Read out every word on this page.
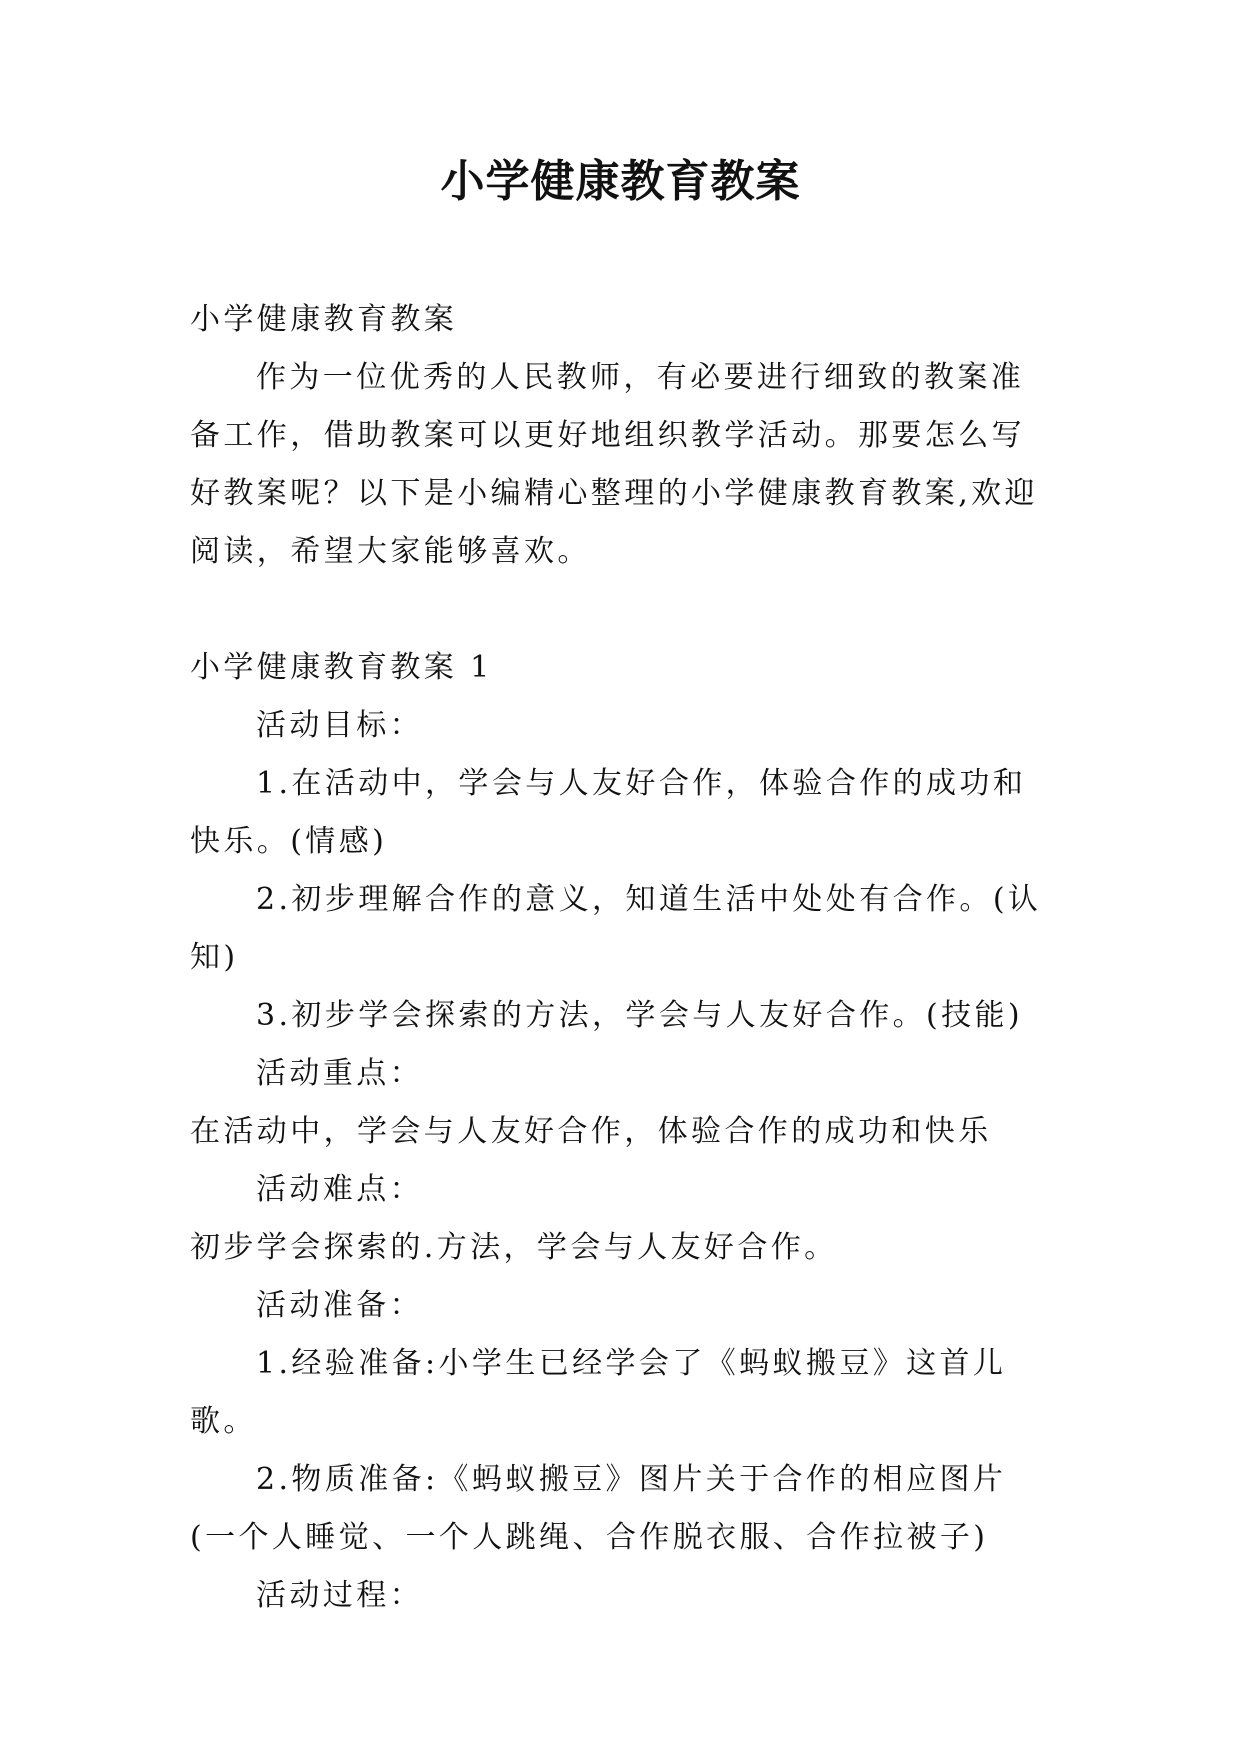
小学健康教育教案

小学健康教育教案

作为一位优秀的人民教师，有必要进行细致的教案准备工作，借助教案可以更好地组织教学活动。那要怎么写好教案呢？以下是小编精心整理的小学健康教育教案,欢迎阅读，希望大家能够喜欢。

小学健康教育教案 1

活动目标：

1.在活动中，学会与人友好合作，体验合作的成功和快乐。(情感)

2.初步理解合作的意义，知道生活中处处有合作。(认知)

3.初步学会探索的方法，学会与人友好合作。(技能)

活动重点：

在活动中，学会与人友好合作，体验合作的成功和快乐

活动难点：

初步学会探索的.方法，学会与人友好合作。

活动准备：

1.经验准备:小学生已经学会了《蚂蚁搬豆》这首儿歌。

2.物质准备:《蚂蚁搬豆》图片关于合作的相应图片(一个人睡觉、一个人跳绳、合作脱衣服、合作拉被子)

活动过程：
